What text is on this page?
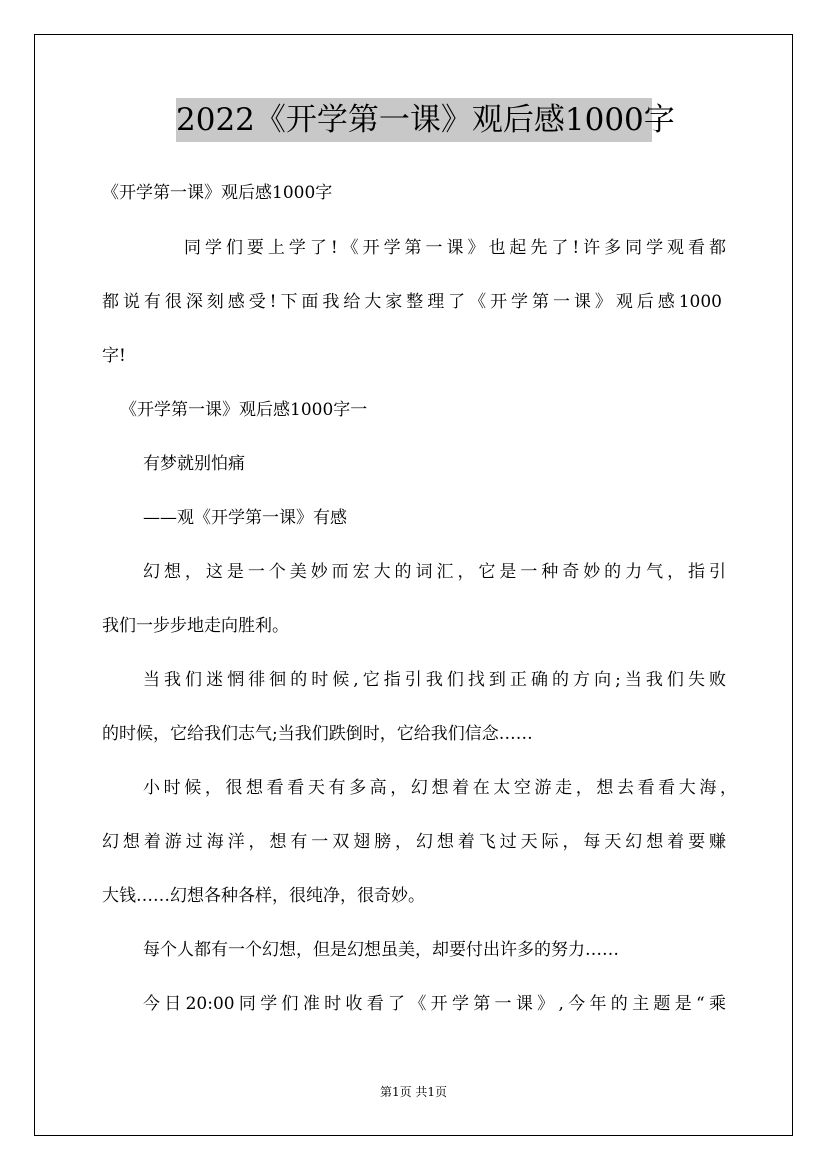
2022《开学第一课》观后感1000字
《开学第一课》观后感1000字
同学们要上学了!《开学第一课》也起先了!许多同学观看都
都说有很深刻感受!下面我给大家整理了《开学第一课》观后感1000
字!
《开学第一课》观后感1000字一
有梦就别怕痛
——观《开学第一课》有感
幻想，这是一个美妙而宏大的词汇，它是一种奇妙的力气，指引
我们一步步地走向胜利。
当我们迷惘徘徊的时候,它指引我们找到正确的方向;当我们失败
的时候，它给我们志气;当我们跌倒时，它给我们信念……
小时候，很想看看天有多高，幻想着在太空游走，想去看看大海，
幻想着游过海洋，想有一双翅膀，幻想着飞过天际，每天幻想着要赚
大钱……幻想各种各样，很纯净，很奇妙。
每个人都有一个幻想，但是幻想虽美，却要付出许多的努力……
今日20:00同学们准时收看了《开学第一课》,今年的主题是“乘
第1页 共1页
